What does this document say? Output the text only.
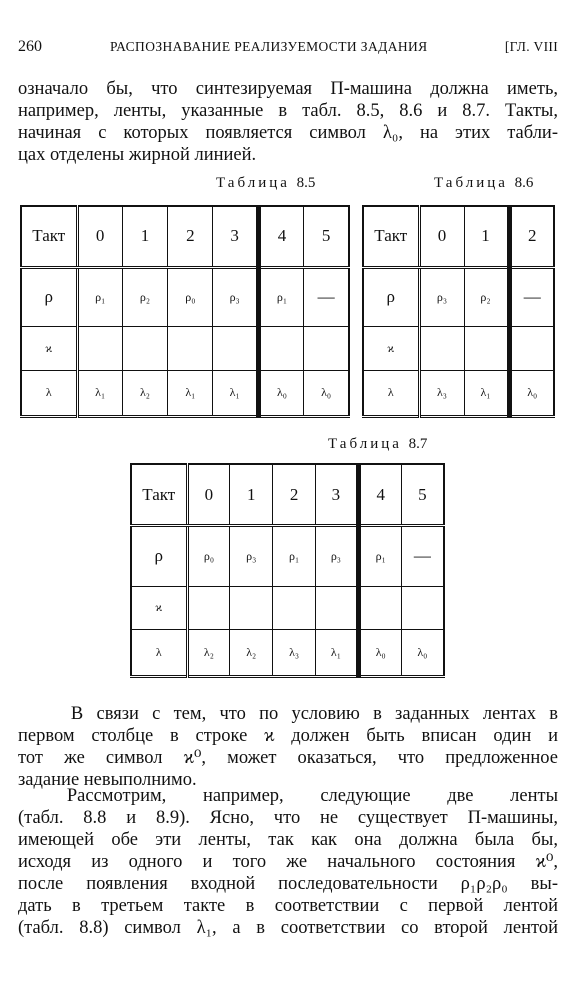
260	РАСПОЗНАВАНИЕ РЕАЛИЗУЕМОСТИ ЗАДАНИЯ	[ГЛ. VIII
означало бы, что синтезируемая П-машина должна иметь,
например, ленты, указанные в табл. 8.5, 8.6 и 8.7. Такты,
начиная с которых появляется символ λ₀, на этих табли-
цах отделены жирной линией.
Таблица 8.5	Таблица 8.6
Такт	0	1	2	3	4	5
ρ	ρ₁	ρ₂	ρ₀	ρ₃	ρ₁	—
ϰ						
λ	λ₁	λ₂	λ₁	λ₁	λ₀	λ₀
Такт	0	1	2
ρ	ρ₃	ρ₂	—
ϰ			
λ	λ₃	λ₁	λ₀
Таблица 8.7
Такт	0	1	2	3	4	5
ρ	ρ₀	ρ₃	ρ₁	ρ₃	ρ₁	—
ϰ						
λ	λ₂	λ₂	λ₃	λ₁	λ₀	λ₀
В связи с тем, что по условию в заданных лентах в
первом столбце в строке ϰ должен быть вписан один и
тот же символ ϰ⁰, может оказаться, что предложенное
задание невыполнимо.
Рассмотрим,   например,   следующие   две   ленты
(табл. 8.8 и 8.9). Ясно, что не существует П-машины,
имеющей обе эти ленты, так как она должна была бы,
исходя из одного и того же начального состояния ϰ⁰,
после появления входной последовательности ρ₁ρ₂ρ₀ вы-
дать в третьем такте в соответствии с первой лентой
(табл. 8.8) символ λ₁, а в соответствии со второй лентой
